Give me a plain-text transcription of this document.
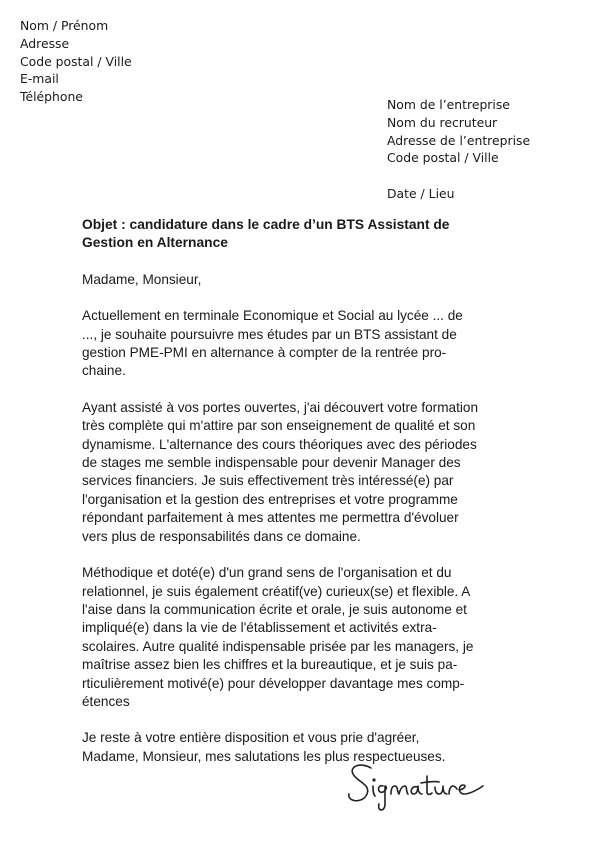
Nom / Prénom
Adresse
Code postal / Ville
E-mail
Téléphone
Nom de l’entreprise
Nom du recruteur
Adresse de l’entreprise
Code postal / Ville
Date / Lieu
Objet : candidature dans le cadre d’un BTS Assistant de
Gestion en Alternance
Madame, Monsieur,
Actuellement en terminale Economique et Social au lycée ... de
..., je souhaite poursuivre mes études par un BTS assistant de
gestion PME-PMI en alternance à compter de la rentrée pro-
chaine.
Ayant assisté à vos portes ouvertes, j'ai découvert votre formation
très complète qui m'attire par son enseignement de qualité et son
dynamisme. L'alternance des cours théoriques avec des périodes
de stages me semble indispensable pour devenir Manager des
services financiers. Je suis effectivement très intéressé(e) par
l'organisation et la gestion des entreprises et votre programme
répondant parfaitement à mes attentes me permettra d'évoluer
vers plus de responsabilités dans ce domaine.
Méthodique et doté(e) d'un grand sens de l'organisation et du
relationnel, je suis également créatif(ve) curieux(se) et flexible. A
l'aise dans la communication écrite et orale, je suis autonome et
impliqué(e) dans la vie de l'établissement et activités extra-
scolaires. Autre qualité indispensable prisée par les managers, je
maîtrise assez bien les chiffres et la bureautique, et je suis pa-
rticulièrement motivé(e) pour développer davantage mes comp-
étences
Je reste à votre entière disposition et vous prie d'agréer,
Madame, Monsieur, mes salutations les plus respectueuses.
